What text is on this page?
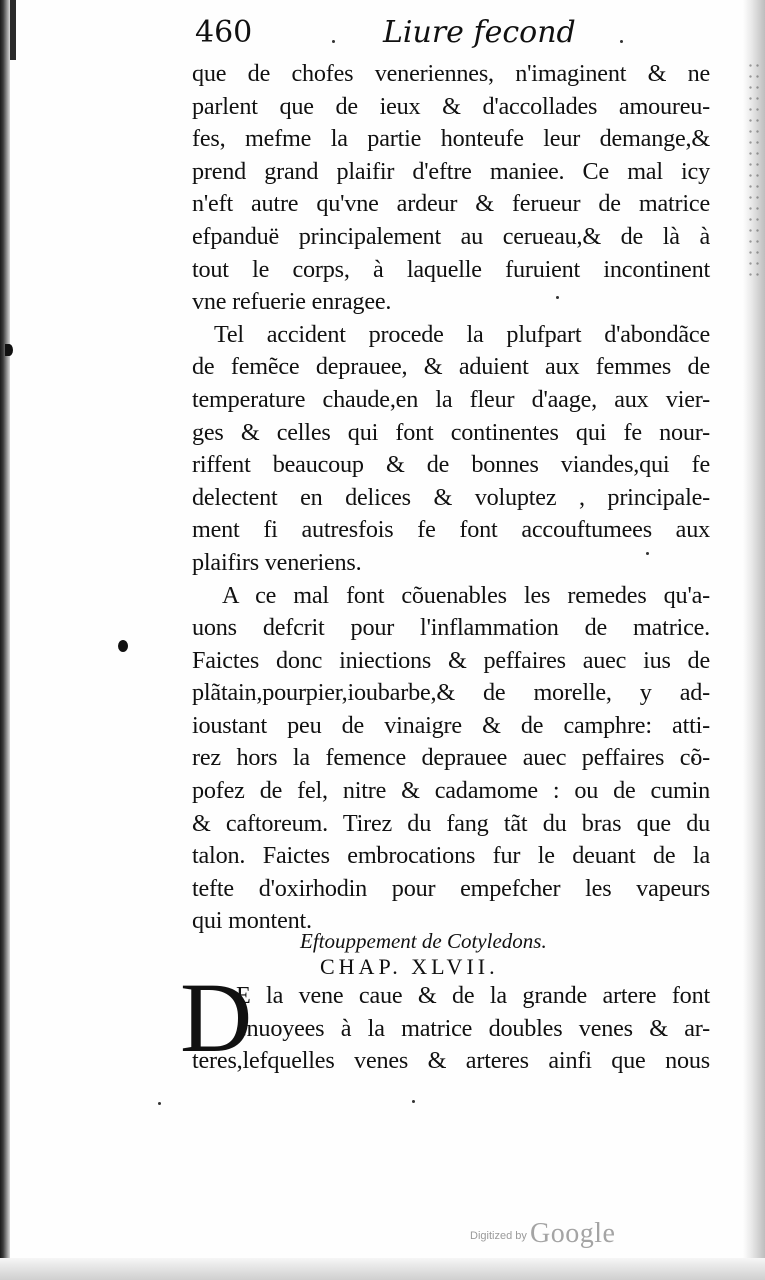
460	Liure fecond
que de chofes veneriennes, n'imaginent & ne
parlent que de ieux & d'accollades amoureu-
fes, mefme la partie honteufe leur demange,&
prend grand plaifir d'eftre maniee. Ce mal icy
n'eft autre qu'vne ardeur & ferueur de matrice
efpanduë principalement au cerueau,& de là à
tout le corps, à laquelle furuient incontinent
vne refuerie enragee.
Tel accident procede la plufpart d'abondãce
de femẽce deprauee, & aduient aux femmes de
temperature chaude,en la fleur d'aage, aux vier-
ges & celles qui font continentes qui fe nour-
riffent beaucoup & de bonnes viandes,qui fe
delectent en delices & voluptez , principale-
ment fi autresfois fe font accouftumees aux
plaifirs veneriens.
A ce mal font cõuenables les remedes qu'a-
uons defcrit pour l'inflammation de matrice.
Faictes donc iniections & peffaires auec ius de
plãtain,pourpier,ioubarbe,& de morelle, y ad-
ioustant peu de vinaigre & de camphre: atti-
rez hors la femence deprauee auec peffaires cõ-
pofez de fel, nitre & cadamome : ou de cumin
& caftoreum. Tirez du fang tãt du bras que du
talon. Faictes embrocations fur le deuant de la
tefte d'oxirhodin pour empefcher les vapeurs
qui montent.
Eftouppement de Cotyledons.
CHAP. XLVII.
D
E la vene caue & de la grande artere font
enuoyees à la matrice doubles venes & ar-
teres,lefquelles venes & arteres ainfi que nous
Digitized by Google
